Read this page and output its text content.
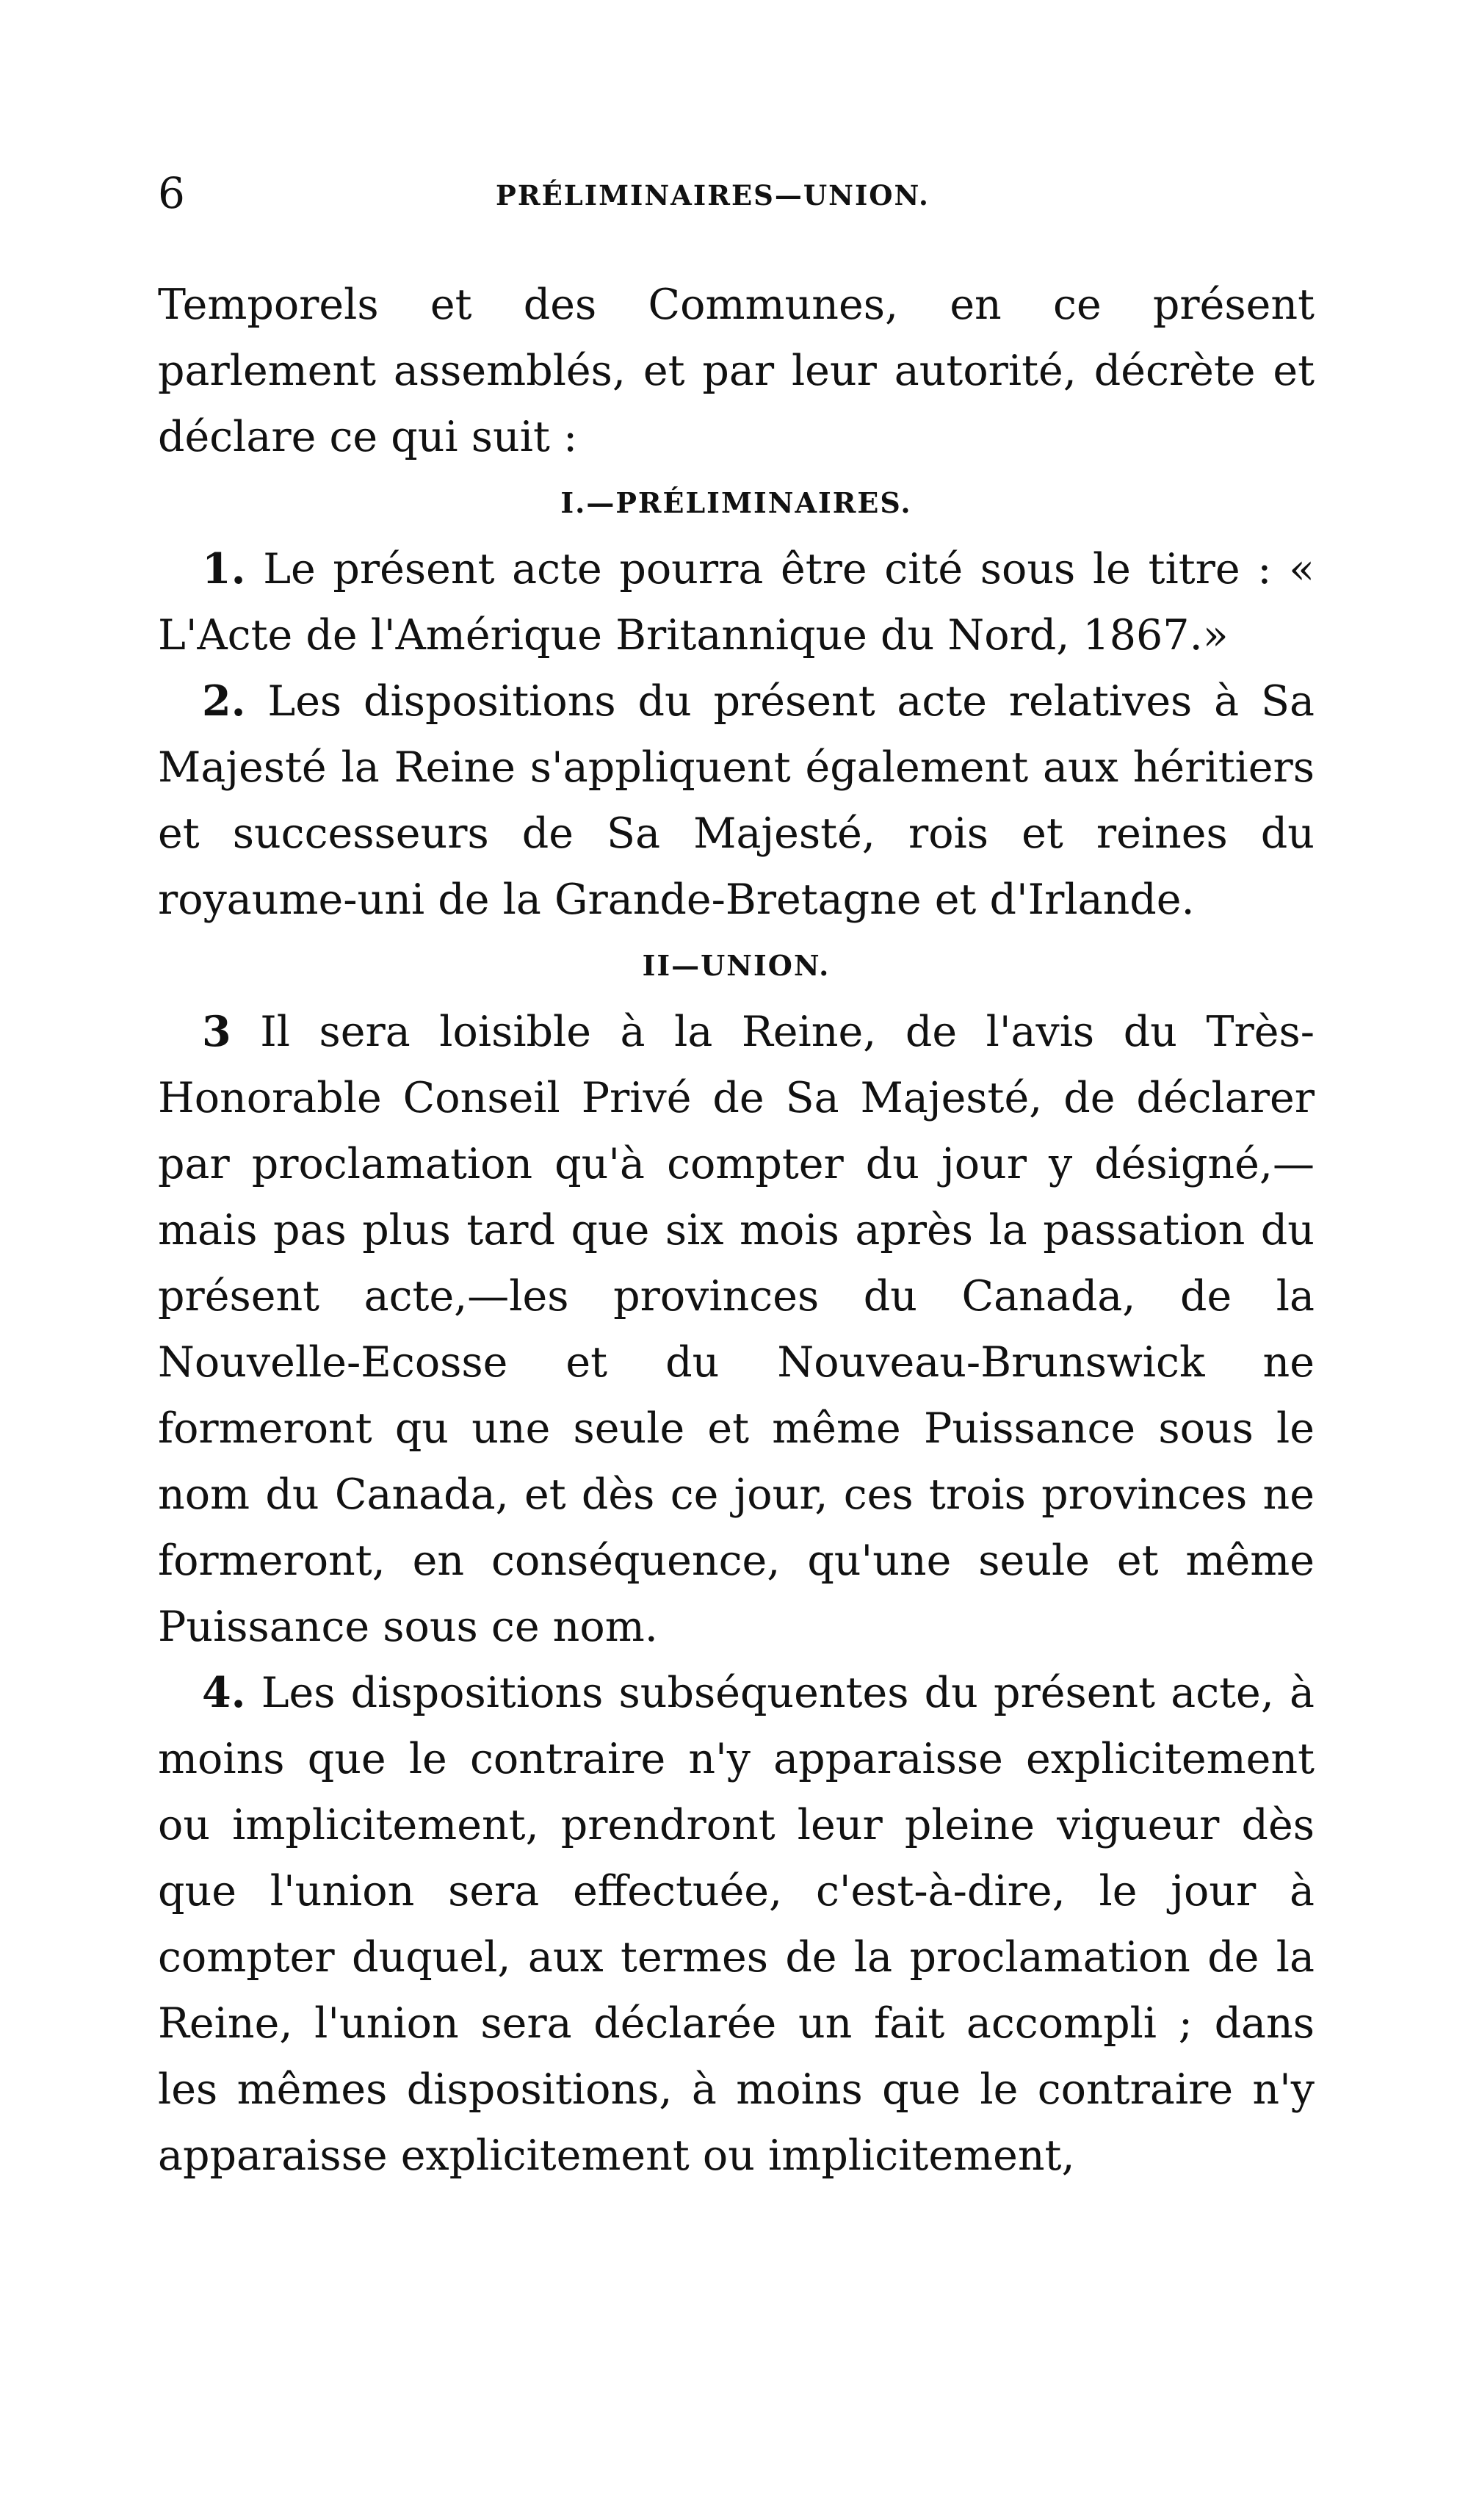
6	PRÉLIMINAIRES—UNION.

Temporels et des Communes, en ce présent parlement assemblés, et par leur autorité, décrète et déclare ce qui suit :

I.—PRÉLIMINAIRES.

1. Le présent acte pourra être cité sous le titre : « L'Acte de l'Amérique Britannique du Nord, 1867.»

2. Les dispositions du présent acte relatives à Sa Majesté la Reine s'appliquent également aux héritiers et successeurs de Sa Majesté, rois et reines du royaume-uni de la Grande-Bretagne et d'Irlande.

II—UNION.

3 Il sera loisible à la Reine, de l'avis du Très-Honorable Conseil Privé de Sa Majesté, de déclarer par proclamation qu'à compter du jour y désigné,—mais pas plus tard que six mois après la passation du présent acte,—les provinces du Canada, de la Nouvelle-Ecosse et du Nouveau-Brunswick ne formeront qu une seule et même Puissance sous le nom du Canada, et dès ce jour, ces trois provinces ne formeront, en conséquence, qu'une seule et même Puissance sous ce nom.

4. Les dispositions subséquentes du présent acte, à moins que le contraire n'y apparaisse explicitement ou implicitement, prendront leur pleine vigueur dès que l'union sera effectuée, c'est-à-dire, le jour à compter duquel, aux termes de la proclamation de la Reine, l'union sera déclarée un fait accompli ; dans les mêmes dispositions, à moins que le contraire n'y apparaisse explicitement ou implicitement,
